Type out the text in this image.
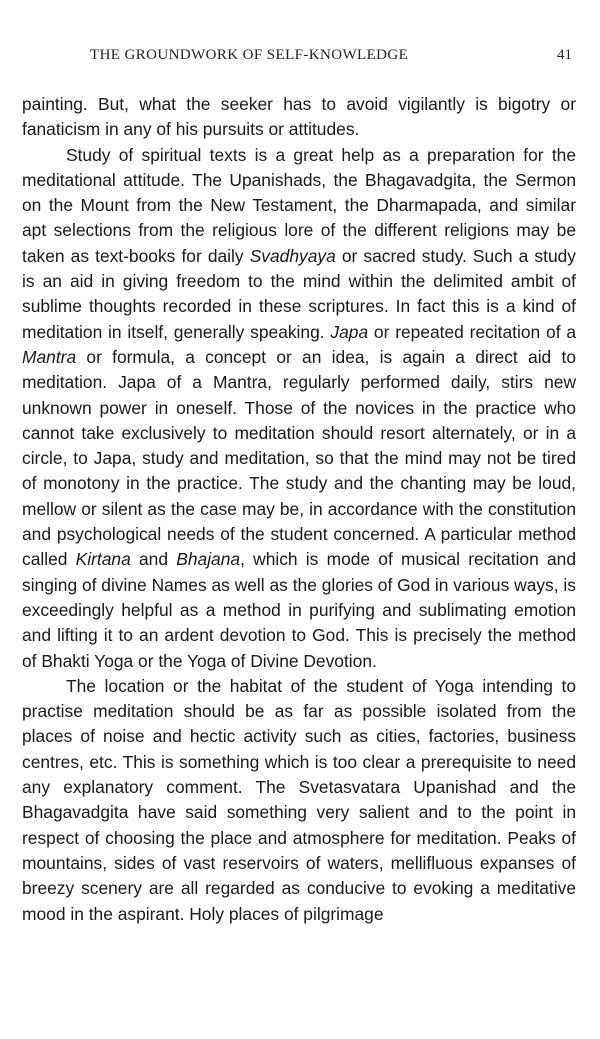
THE GROUNDWORK OF SELF-KNOWLEDGE	41

painting. But, what the seeker has to avoid vigilantly is bigotry or fanaticism in any of his pursuits or attitudes.

Study of spiritual texts is a great help as a preparation for the meditational attitude. The Upanishads, the Bhagavadgita, the Sermon on the Mount from the New Testament, the Dharmapada, and similar apt selections from the religious lore of the different religions may be taken as text-books for daily Svadhyaya or sacred study. Such a study is an aid in giving freedom to the mind within the delimited ambit of sublime thoughts recorded in these scriptures. In fact this is a kind of meditation in itself, generally speaking. Japa or repeated recitation of a Mantra or formula, a concept or an idea, is again a direct aid to meditation. Japa of a Mantra, regularly performed daily, stirs new unknown power in oneself. Those of the novices in the practice who cannot take exclusively to meditation should resort alternately, or in a circle, to Japa, study and meditation, so that the mind may not be tired of monotony in the practice. The study and the chanting may be loud, mellow or silent as the case may be, in accordance with the constitution and psychological needs of the student concerned. A particular method called Kirtana and Bhajana, which is mode of musical recitation and singing of divine Names as well as the glories of God in various ways, is exceedingly helpful as a method in purifying and sublimating emotion and lifting it to an ardent devotion to God. This is precisely the method of Bhakti Yoga or the Yoga of Divine Devotion.

The location or the habitat of the student of Yoga intending to practise meditation should be as far as possible isolated from the places of noise and hectic activity such as cities, factories, business centres, etc. This is something which is too clear a prerequisite to need any explanatory comment. The Svetasvatara Upanishad and the Bhagavadgita have said something very salient and to the point in respect of choosing the place and atmosphere for meditation. Peaks of mountains, sides of vast reservoirs of waters, mellifluous expanses of breezy scenery are all regarded as conducive to evoking a meditative mood in the aspirant. Holy places of pilgrimage
